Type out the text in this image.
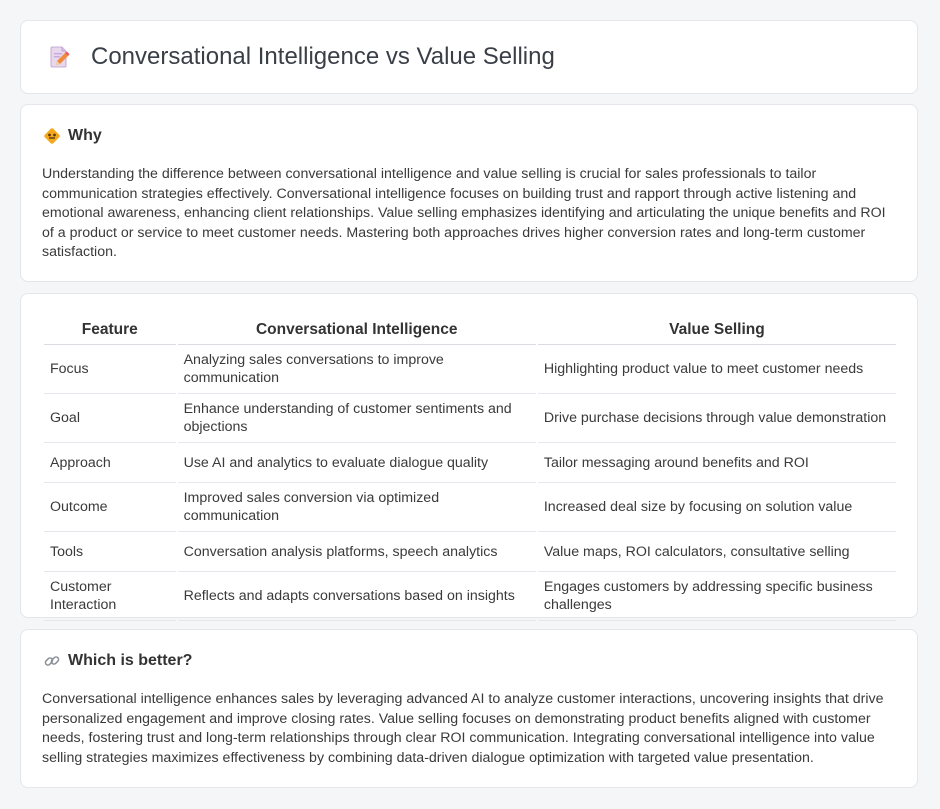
Conversational Intelligence vs Value Selling
Why

Understanding the difference between conversational intelligence and value selling is crucial for sales professionals to tailor communication strategies effectively. Conversational intelligence focuses on building trust and rapport through active listening and emotional awareness, enhancing client relationships. Value selling emphasizes identifying and articulating the unique benefits and ROI of a product or service to meet customer needs. Mastering both approaches drives higher conversion rates and long-term customer satisfaction.

Feature	Conversational Intelligence	Value Selling
Focus	Analyzing sales conversations to improve communication	Highlighting product value to meet customer needs
Goal	Enhance understanding of customer sentiments and objections	Drive purchase decisions through value demonstration
Approach	Use AI and analytics to evaluate dialogue quality	Tailor messaging around benefits and ROI
Outcome	Improved sales conversion via optimized communication	Increased deal size by focusing on solution value
Tools	Conversation analysis platforms, speech analytics	Value maps, ROI calculators, consultative selling
Customer Interaction	Reflects and adapts conversations based on insights	Engages customers by addressing specific business challenges
Which is better?

Conversational intelligence enhances sales by leveraging advanced AI to analyze customer interactions, uncovering insights that drive personalized engagement and improve closing rates. Value selling focuses on demonstrating product benefits aligned with customer needs, fostering trust and long-term relationships through clear ROI communication. Integrating conversational intelligence into value selling strategies maximizes effectiveness by combining data-driven dialogue optimization with targeted value presentation.
